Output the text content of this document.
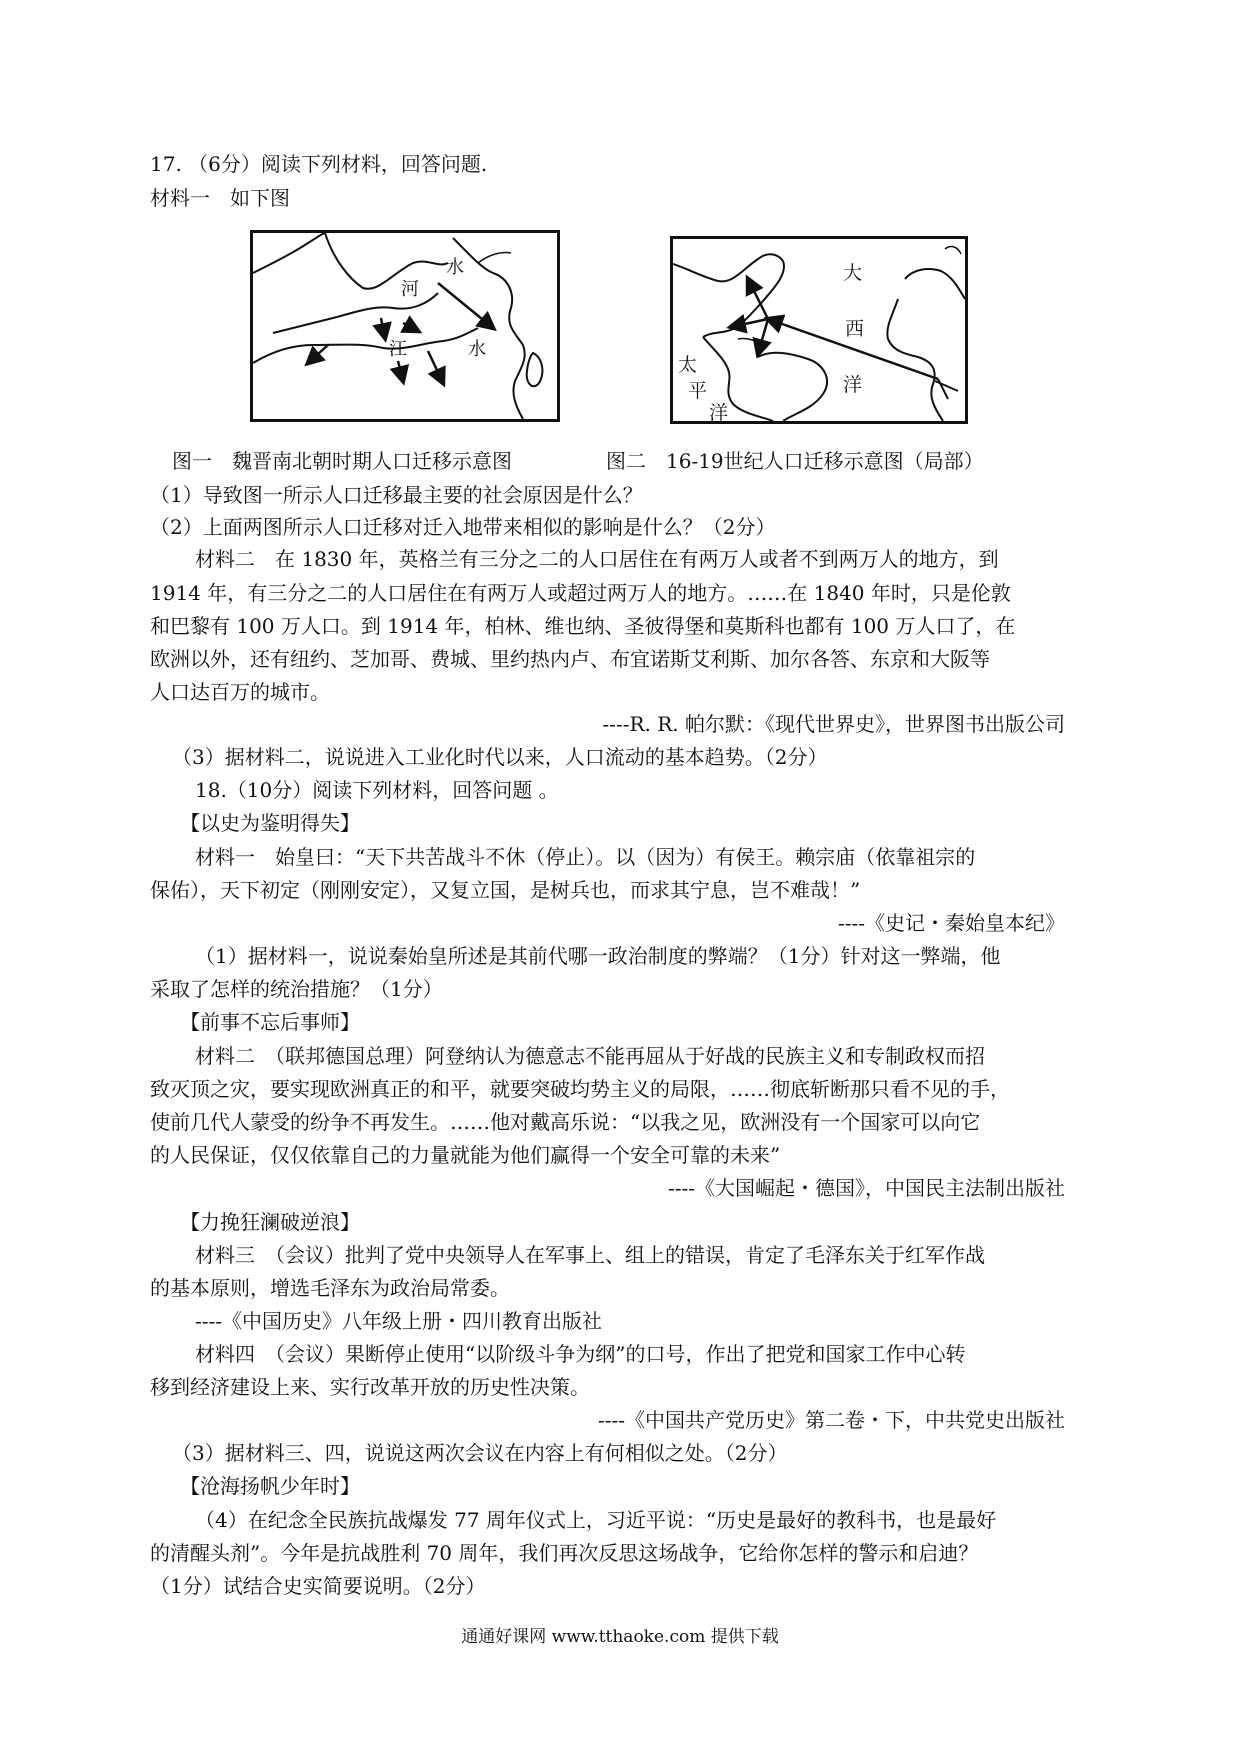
17. （6分）阅读下列材料，回答问题.
材料一　如下图
河
水
江	水
大
西
洋
太
平
洋
图一　魏晋南北朝时期人口迁移示意图	图二　16-19世纪人口迁移示意图（局部）
（1）导致图一所示人口迁移最主要的社会原因是什么？
（2）上面两图所示人口迁移对迁入地带来相似的影响是什么？（2分）
材料二　在 1830 年，英格兰有三分之二的人口居住在有两万人或者不到两万人的地方，到
1914 年，有三分之二的人口居住在有两万人或超过两万人的地方。……在 1840 年时，只是伦敦
和巴黎有 100 万人口。到 1914 年，柏林、维也纳、圣彼得堡和莫斯科也都有 100 万人口了，在
欧洲以外，还有纽约、芝加哥、费城、里约热内卢、布宜诺斯艾利斯、加尔各答、东京和大阪等
人口达百万的城市。
----R. R. 帕尔默：《现代世界史》，世界图书出版公司
（3）据材料二，说说进入工业化时代以来，人口流动的基本趋势。（2分）
18.（10分）阅读下列材料，回答问题 。
【以史为鉴明得失】
材料一　始皇曰：“天下共苦战斗不休（停止）。以（因为）有侯王。赖宗庙（依靠祖宗的
保佑），天下初定（刚刚安定），又复立国，是树兵也，而求其宁息，岂不难哉！”
----《史记・秦始皇本纪》
（1）据材料一，说说秦始皇所述是其前代哪一政治制度的弊端？（1分）针对这一弊端，他
采取了怎样的统治措施？（1分）
【前事不忘后事师】
材料二　（联邦德国总理）阿登纳认为德意志不能再屈从于好战的民族主义和专制政权而招
致灭顶之灾，要实现欧洲真正的和平，就要突破均势主义的局限，……彻底斩断那只看不见的手，
使前几代人蒙受的纷争不再发生。……他对戴高乐说：“以我之见，欧洲没有一个国家可以向它
的人民保证，仅仅依靠自己的力量就能为他们赢得一个安全可靠的未来”
----《大国崛起・德国》，中国民主法制出版社
【力挽狂澜破逆浪】
材料三　（会议）批判了党中央领导人在军事上、组上的错误，肯定了毛泽东关于红军作战
的基本原则，增选毛泽东为政治局常委。
----《中国历史》八年级上册・四川教育出版社
材料四　（会议）果断停止使用“以阶级斗争为纲”的口号，作出了把党和国家工作中心转
移到经济建设上来、实行改革开放的历史性决策。
----《中国共产党历史》第二卷・下，中共党史出版社
（3）据材料三、四，说说这两次会议在内容上有何相似之处。（2分）
【沧海扬帆少年时】
（4）在纪念全民族抗战爆发 77 周年仪式上，习近平说：“历史是最好的教科书，也是最好
的清醒头剂”。今年是抗战胜利 70 周年，我们再次反思这场战争，它给你怎样的警示和启迪？
（1分）试结合史实简要说明。（2分）
通通好课网 www.tthaoke.com 提供下载
